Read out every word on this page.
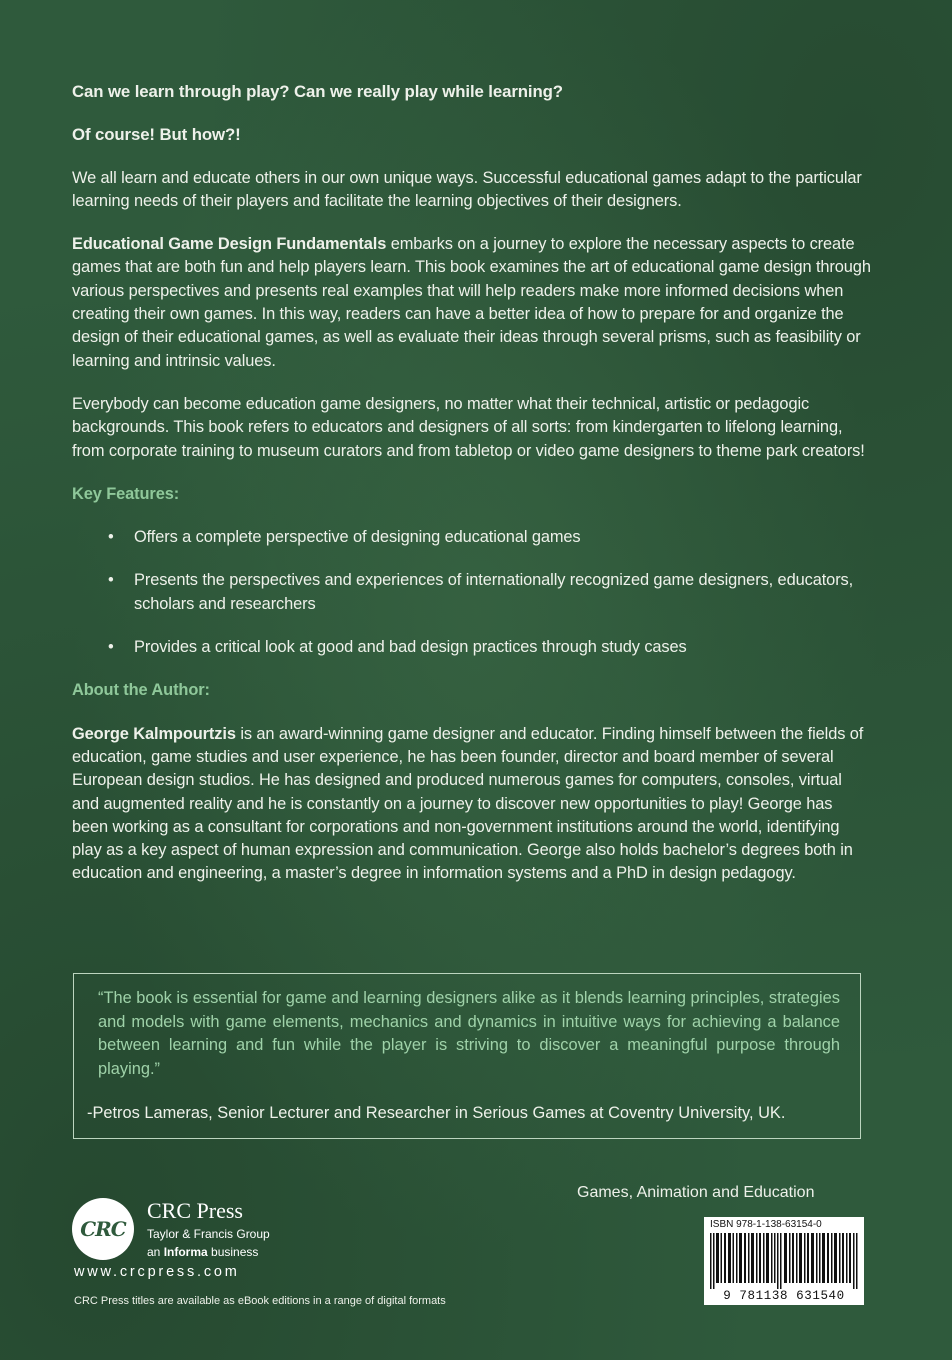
Can we learn through play? Can we really play while learning?

Of course! But how?!

We all learn and educate others in our own unique ways. Successful educational games adapt to the particular learning needs of their players and facilitate the learning objectives of their designers.

Educational Game Design Fundamentals embarks on a journey to explore the necessary aspects to create games that are both fun and help players learn. This book examines the art of educational game design through various perspectives and presents real examples that will help readers make more informed decisions when creating their own games. In this way, readers can have a better idea of how to prepare for and organize the design of their educational games, as well as evaluate their ideas through several prisms, such as feasibility or learning and intrinsic values.

Everybody can become education game designers, no matter what their technical, artistic or pedagogic backgrounds. This book refers to educators and designers of all sorts: from kindergarten to lifelong learning, from corporate training to museum curators and from tabletop or video game designers to theme park creators!

Key Features:

• Offers a complete perspective of designing educational games
• Presents the perspectives and experiences of internationally recognized game designers, educators, scholars and researchers
• Provides a critical look at good and bad design practices through study cases

About the Author:

George Kalmpourtzis is an award-winning game designer and educator. Finding himself between the fields of education, game studies and user experience, he has been founder, director and board member of several European design studios. He has designed and produced numerous games for computers, consoles, virtual and augmented reality and he is constantly on a journey to discover new opportunities to play! George has been working as a consultant for corporations and non-government institutions around the world, identifying play as a key aspect of human expression and communication. George also holds bachelor’s degrees both in education and engineering, a master’s degree in information systems and a PhD in design pedagogy.

“The book is essential for game and learning designers alike as it blends learning principles, strategies and models with game elements, mechanics and dynamics in intuitive ways for achieving a balance between learning and fun while the player is striving to discover a meaningful purpose through playing.”
-Petros Lameras, Senior Lecturer and Researcher in Serious Games at Coventry University, UK.
Games, Animation and Education
CRC
CRC Press
Taylor & Francis Group
an Informa business
www.crcpress.com
CRC Press titles are available as eBook editions in a range of digital formats
ISBN 978-1-138-63154-0
9 781138 631540
